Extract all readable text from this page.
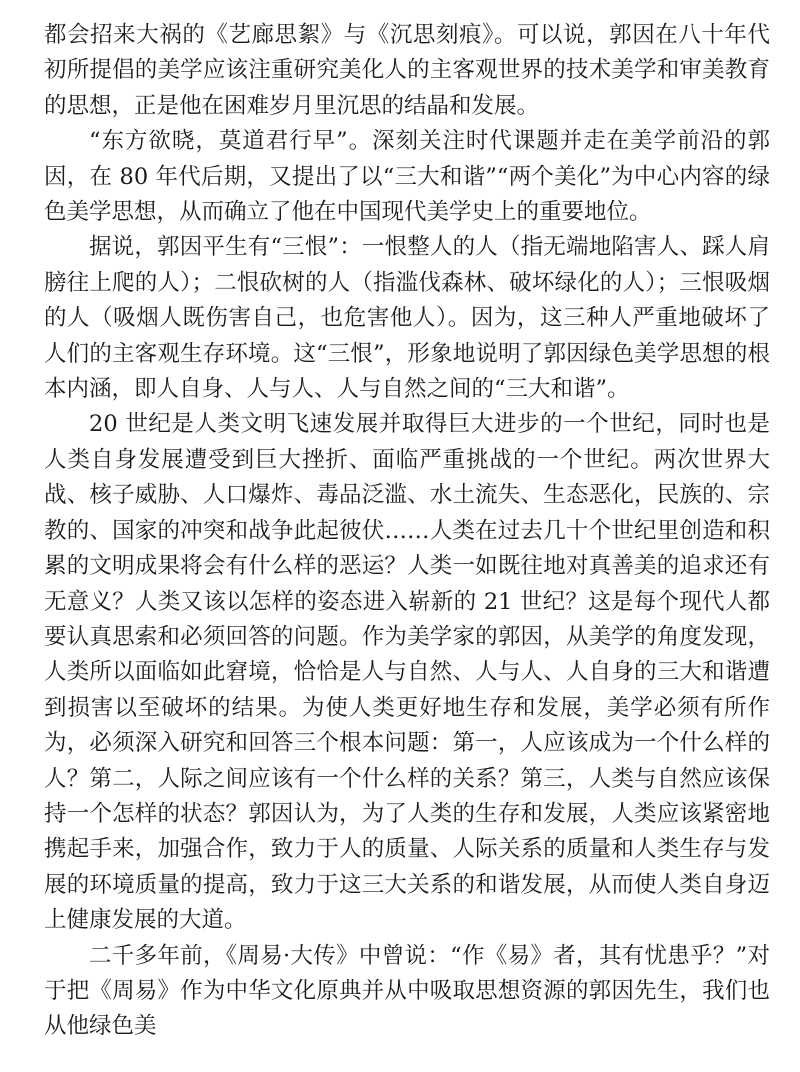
都会招来大祸的《艺廊思絮》与《沉思刻痕》。可以说，郭因在八十年代初所提倡的美学应该注重研究美化人的主客观世界的技术美学和审美教育的思想，正是他在困难岁月里沉思的结晶和发展。

“东方欲晓，莫道君行早”。深刻关注时代课题并走在美学前沿的郭因，在 80 年代后期，又提出了以“三大和谐”“两个美化”为中心内容的绿色美学思想，从而确立了他在中国现代美学史上的重要地位。

据说，郭因平生有“三恨”：一恨整人的人（指无端地陷害人、踩人肩膀往上爬的人）；二恨砍树的人（指滥伐森林、破坏绿化的人）；三恨吸烟的人（吸烟人既伤害自己，也危害他人）。因为，这三种人严重地破坏了人们的主客观生存环境。这“三恨”，形象地说明了郭因绿色美学思想的根本内涵，即人自身、人与人、人与自然之间的“三大和谐”。

20 世纪是人类文明飞速发展并取得巨大进步的一个世纪，同时也是人类自身发展遭受到巨大挫折、面临严重挑战的一个世纪。两次世界大战、核子威胁、人口爆炸、毒品泛滥、水土流失、生态恶化，民族的、宗教的、国家的冲突和战争此起彼伏……人类在过去几十个世纪里创造和积累的文明成果将会有什么样的恶运？人类一如既往地对真善美的追求还有无意义？人类又该以怎样的姿态进入崭新的 21 世纪？这是每个现代人都要认真思索和必须回答的问题。作为美学家的郭因，从美学的角度发现，人类所以面临如此窘境，恰恰是人与自然、人与人、人自身的三大和谐遭到损害以至破坏的结果。为使人类更好地生存和发展，美学必须有所作为，必须深入研究和回答三个根本问题：第一，人应该成为一个什么样的人？第二，人际之间应该有一个什么样的关系？第三，人类与自然应该保持一个怎样的状态？郭因认为，为了人类的生存和发展，人类应该紧密地携起手来，加强合作，致力于人的质量、人际关系的质量和人类生存与发展的环境质量的提高，致力于这三大关系的和谐发展，从而使人类自身迈上健康发展的大道。

二千多年前，《周易·大传》中曾说：“作《易》者，其有忧患乎？”对于把《周易》作为中华文化原典并从中吸取思想资源的郭因先生，我们也从他绿色美
